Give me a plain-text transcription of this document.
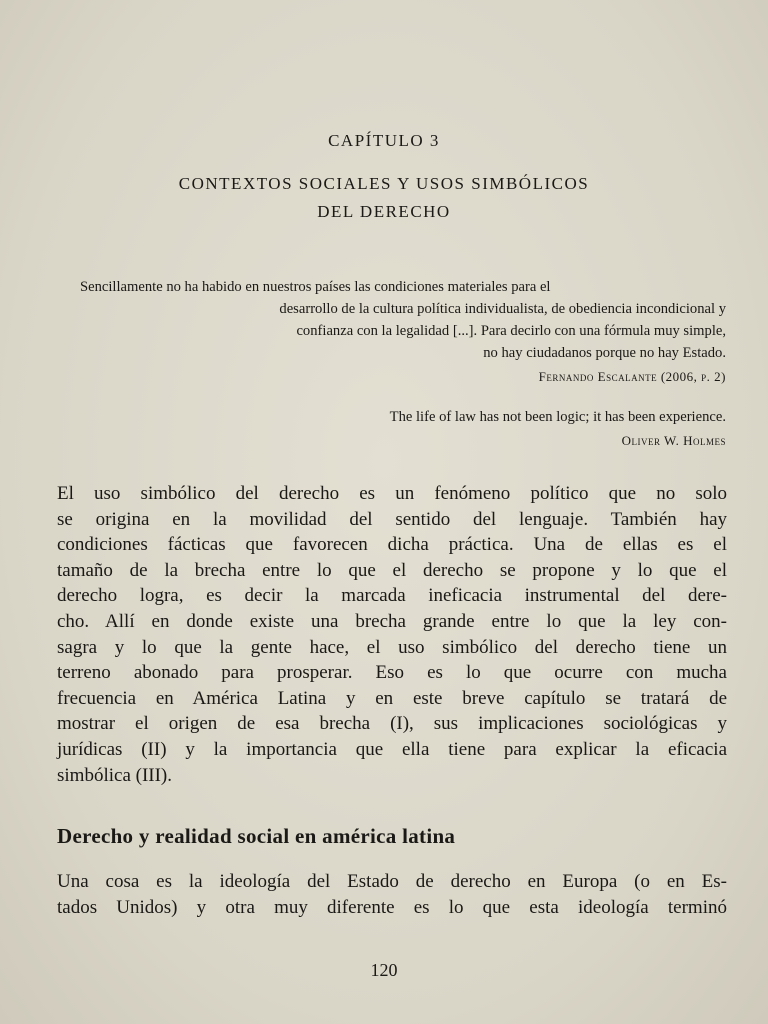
CAPÍTULO 3
CONTEXTOS SOCIALES Y USOS SIMBÓLICOS
DEL DERECHO
Sencillamente no ha habido en nuestros países las condiciones materiales para el
desarrollo de la cultura política individualista, de obediencia incondicional y
confianza con la legalidad [...]. Para decirlo con una fórmula muy simple,
no hay ciudadanos porque no hay Estado.
Fernando Escalante (2006, p. 2)
The life of law has not been logic; it has been experience.
Oliver W. Holmes
El uso simbólico del derecho es un fenómeno político que no solo
se origina en la movilidad del sentido del lenguaje. También hay
condiciones fácticas que favorecen dicha práctica. Una de ellas es el
tamaño de la brecha entre lo que el derecho se propone y lo que el
derecho logra, es decir la marcada ineficacia instrumental del dere-
cho. Allí en donde existe una brecha grande entre lo que la ley con-
sagra y lo que la gente hace, el uso simbólico del derecho tiene un
terreno abonado para prosperar. Eso es lo que ocurre con mucha
frecuencia en América Latina y en este breve capítulo se tratará de
mostrar el origen de esa brecha (I), sus implicaciones sociológicas y
jurídicas (II) y la importancia que ella tiene para explicar la eficacia
simbólica (III).
Derecho y realidad social en américa latina
Una cosa es la ideología del Estado de derecho en Europa (o en Es-
tados Unidos) y otra muy diferente es lo que esta ideología terminó
120
